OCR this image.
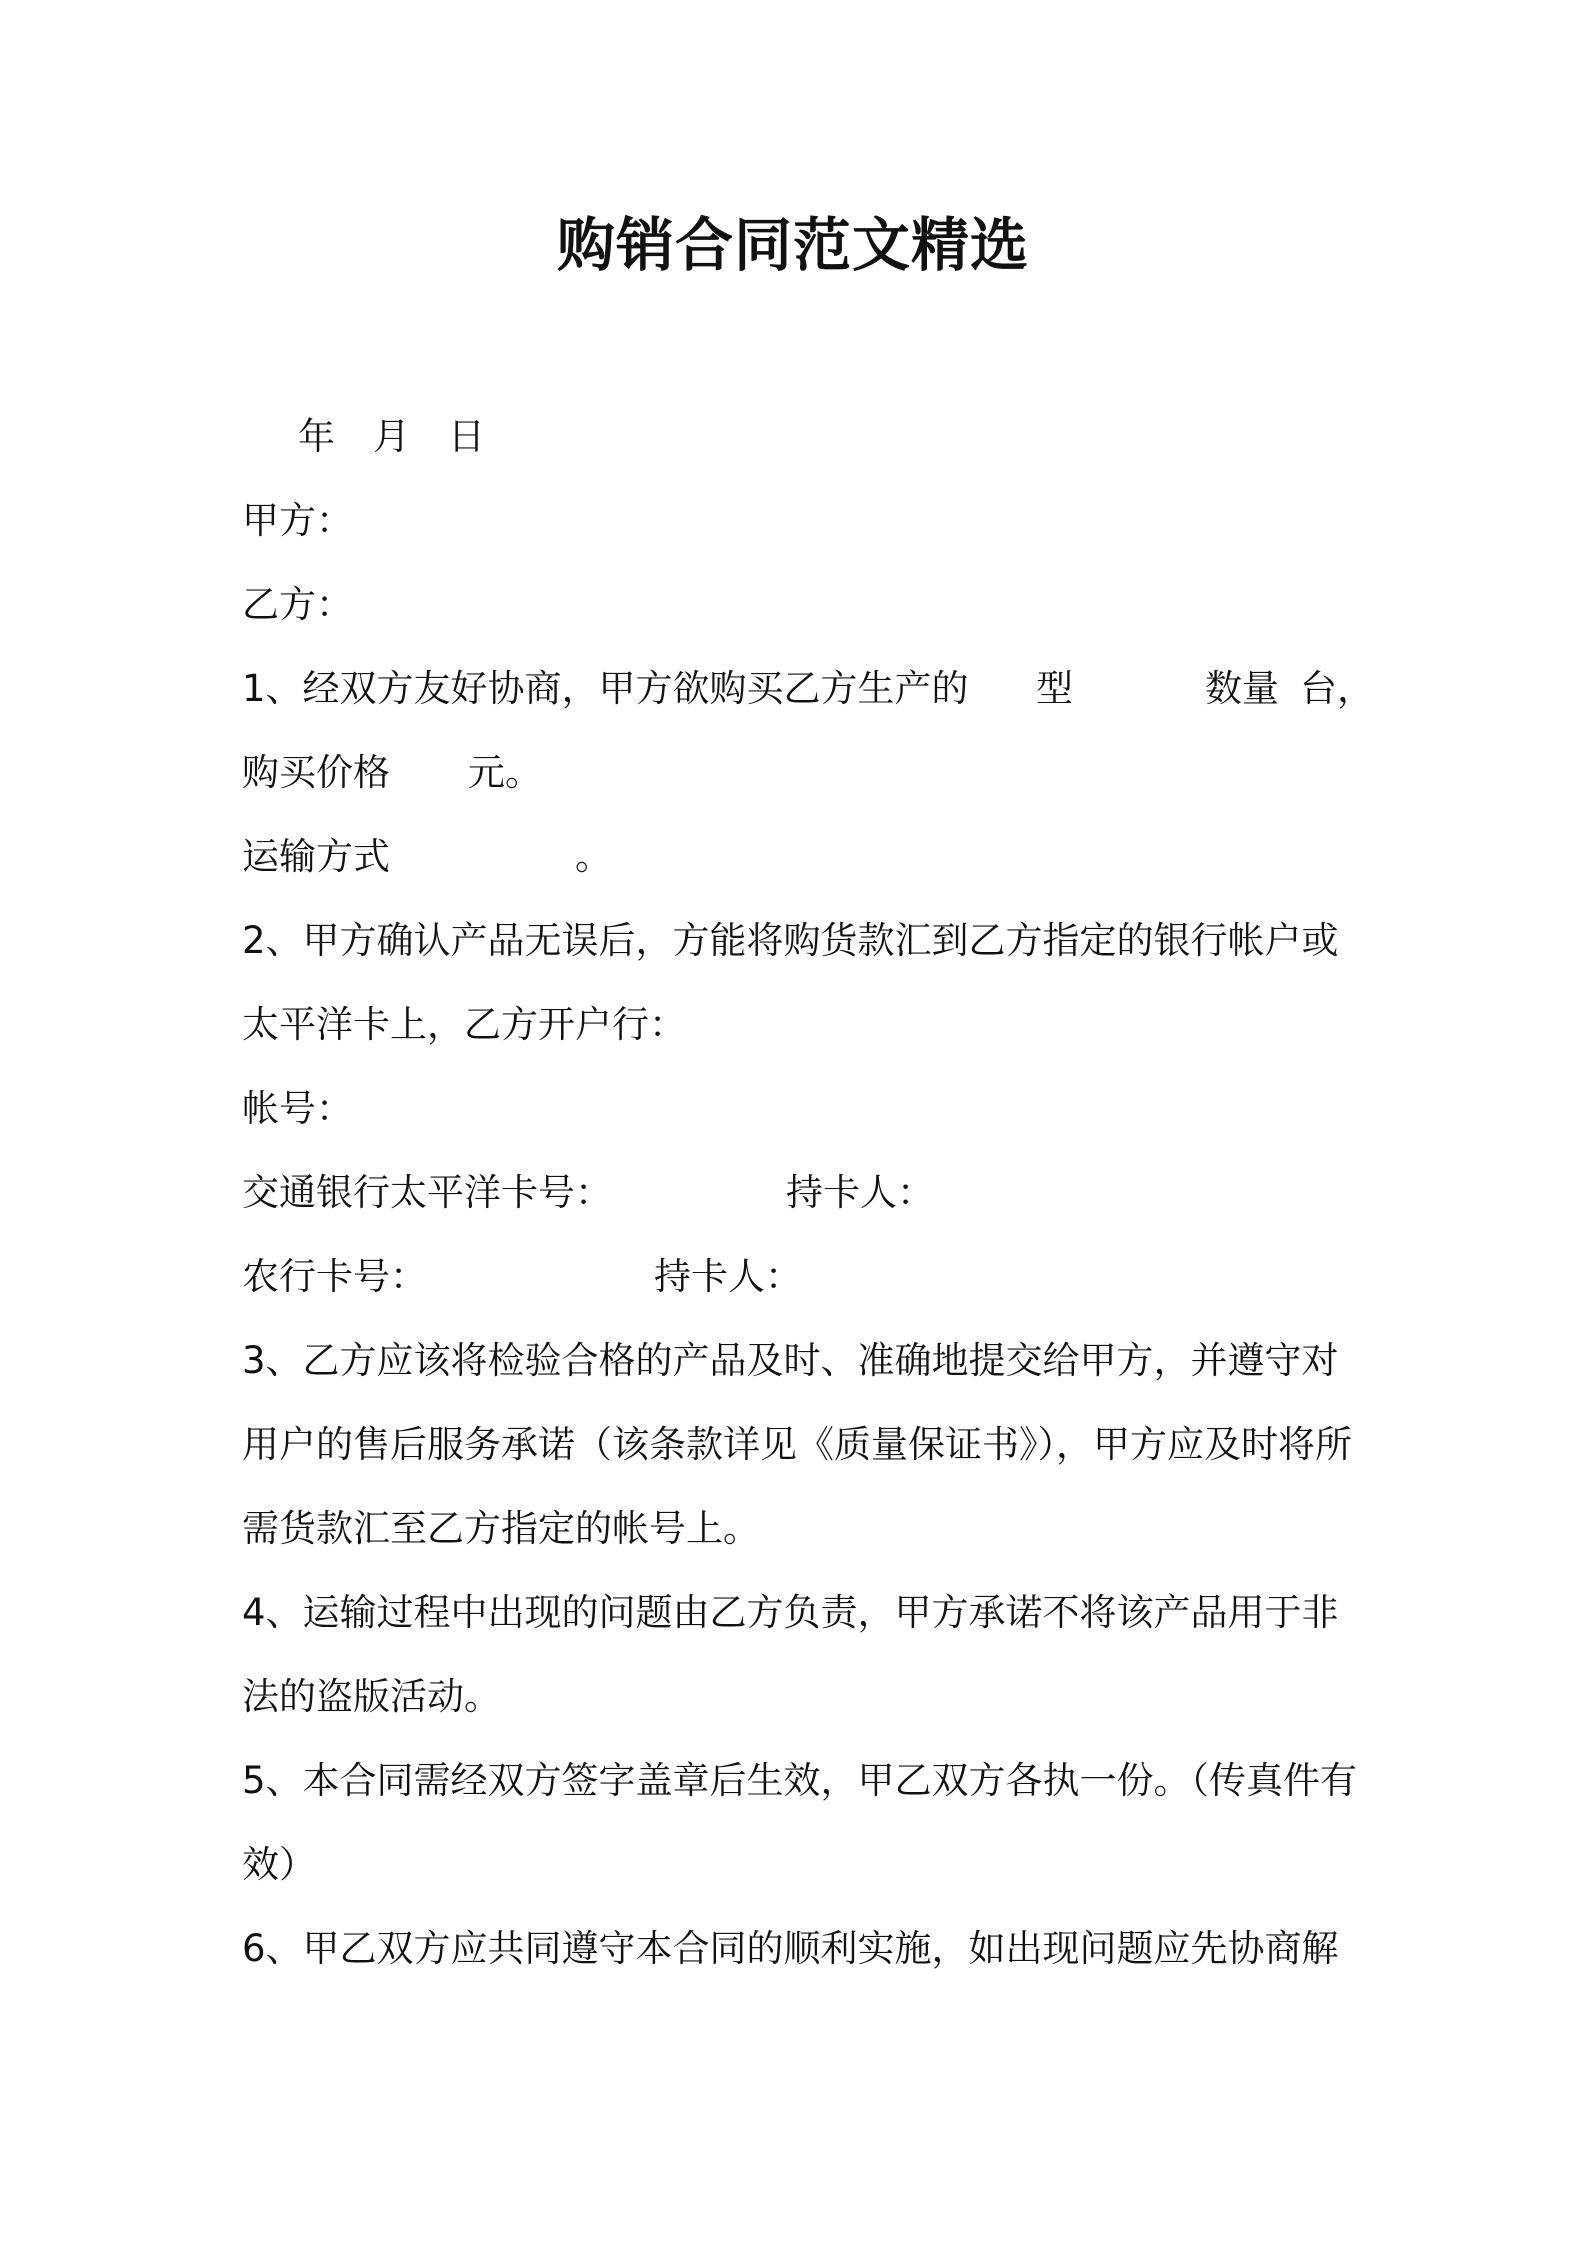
购销合同范文精选
年 月 日
甲方：
乙方：
1、经双方友好协商，甲方欲购买乙方生产的 型	数量 台，
购买价格 元。
运输方式	。
2、甲方确认产品无误后，方能将购货款汇到乙方指定的银行帐户或
太平洋卡上，乙方开户行：
帐号：
交通银行太平洋卡号：	持卡人：
农行卡号：	持卡人：
3、乙方应该将检验合格的产品及时、准确地提交给甲方，并遵守对
用户的售后服务承诺（该条款详见《质量保证书》），甲方应及时将所
需货款汇至乙方指定的帐号上。
4、运输过程中出现的问题由乙方负责，甲方承诺不将该产品用于非
法的盗版活动。
5、本合同需经双方签字盖章后生效，甲乙双方各执一份。（传真件有
效）
6、甲乙双方应共同遵守本合同的顺利实施，如出现问题应先协商解
